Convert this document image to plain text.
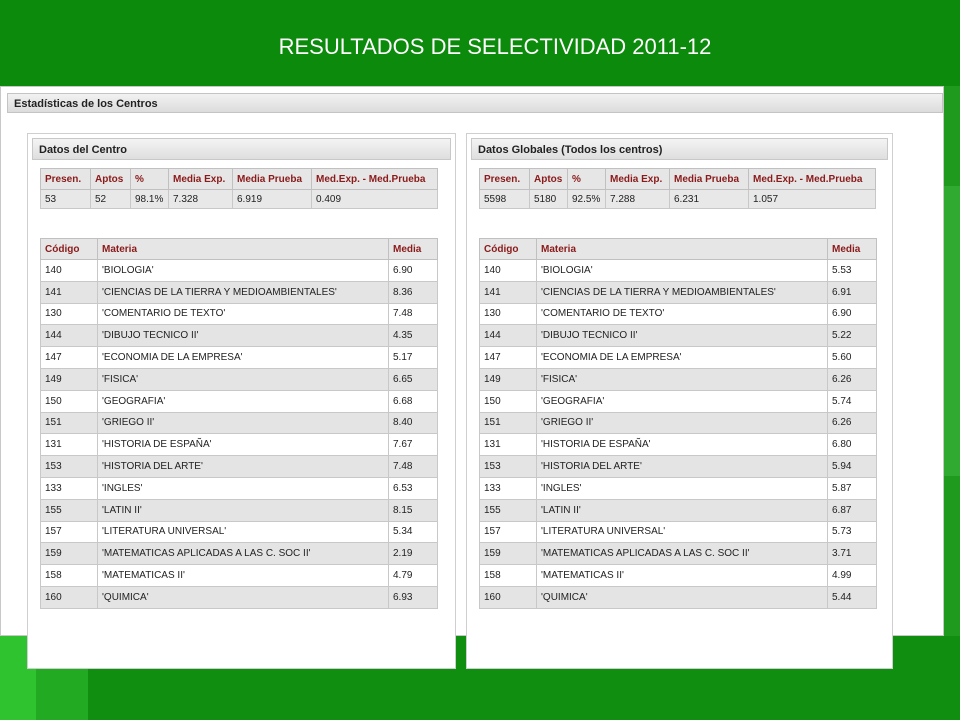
RESULTADOS DE SELECTIVIDAD 2011-12
Estadísticas de los Centros
Datos del Centro
Presen.	Aptos	%	Media Exp.	Media Prueba	Med.Exp. - Med.Prueba
53	52	98.1%	7.328	6.919	0.409
Código	Materia	Media
140	'BIOLOGIA'	6.90
141	'CIENCIAS DE LA TIERRA Y MEDIOAMBIENTALES'	8.36
130	'COMENTARIO DE TEXTO'	7.48
144	'DIBUJO TECNICO II'	4.35
147	'ECONOMIA DE LA EMPRESA'	5.17
149	'FISICA'	6.65
150	'GEOGRAFIA'	6.68
151	'GRIEGO II'	8.40
131	'HISTORIA DE ESPAÑA'	7.67
153	'HISTORIA DEL ARTE'	7.48
133	'INGLES'	6.53
155	'LATIN II'	8.15
157	'LITERATURA UNIVERSAL'	5.34
159	'MATEMATICAS APLICADAS A LAS C. SOC II'	2.19
158	'MATEMATICAS II'	4.79
160	'QUIMICA'	6.93
Datos Globales (Todos los centros)
Presen.	Aptos	%	Media Exp.	Media Prueba	Med.Exp. - Med.Prueba
5598	5180	92.5%	7.288	6.231	1.057
Código	Materia	Media
140	'BIOLOGIA'	5.53
141	'CIENCIAS DE LA TIERRA Y MEDIOAMBIENTALES'	6.91
130	'COMENTARIO DE TEXTO'	6.90
144	'DIBUJO TECNICO II'	5.22
147	'ECONOMIA DE LA EMPRESA'	5.60
149	'FISICA'	6.26
150	'GEOGRAFIA'	5.74
151	'GRIEGO II'	6.26
131	'HISTORIA DE ESPAÑA'	6.80
153	'HISTORIA DEL ARTE'	5.94
133	'INGLES'	5.87
155	'LATIN II'	6.87
157	'LITERATURA UNIVERSAL'	5.73
159	'MATEMATICAS APLICADAS A LAS C. SOC II'	3.71
158	'MATEMATICAS II'	4.99
160	'QUIMICA'	5.44
